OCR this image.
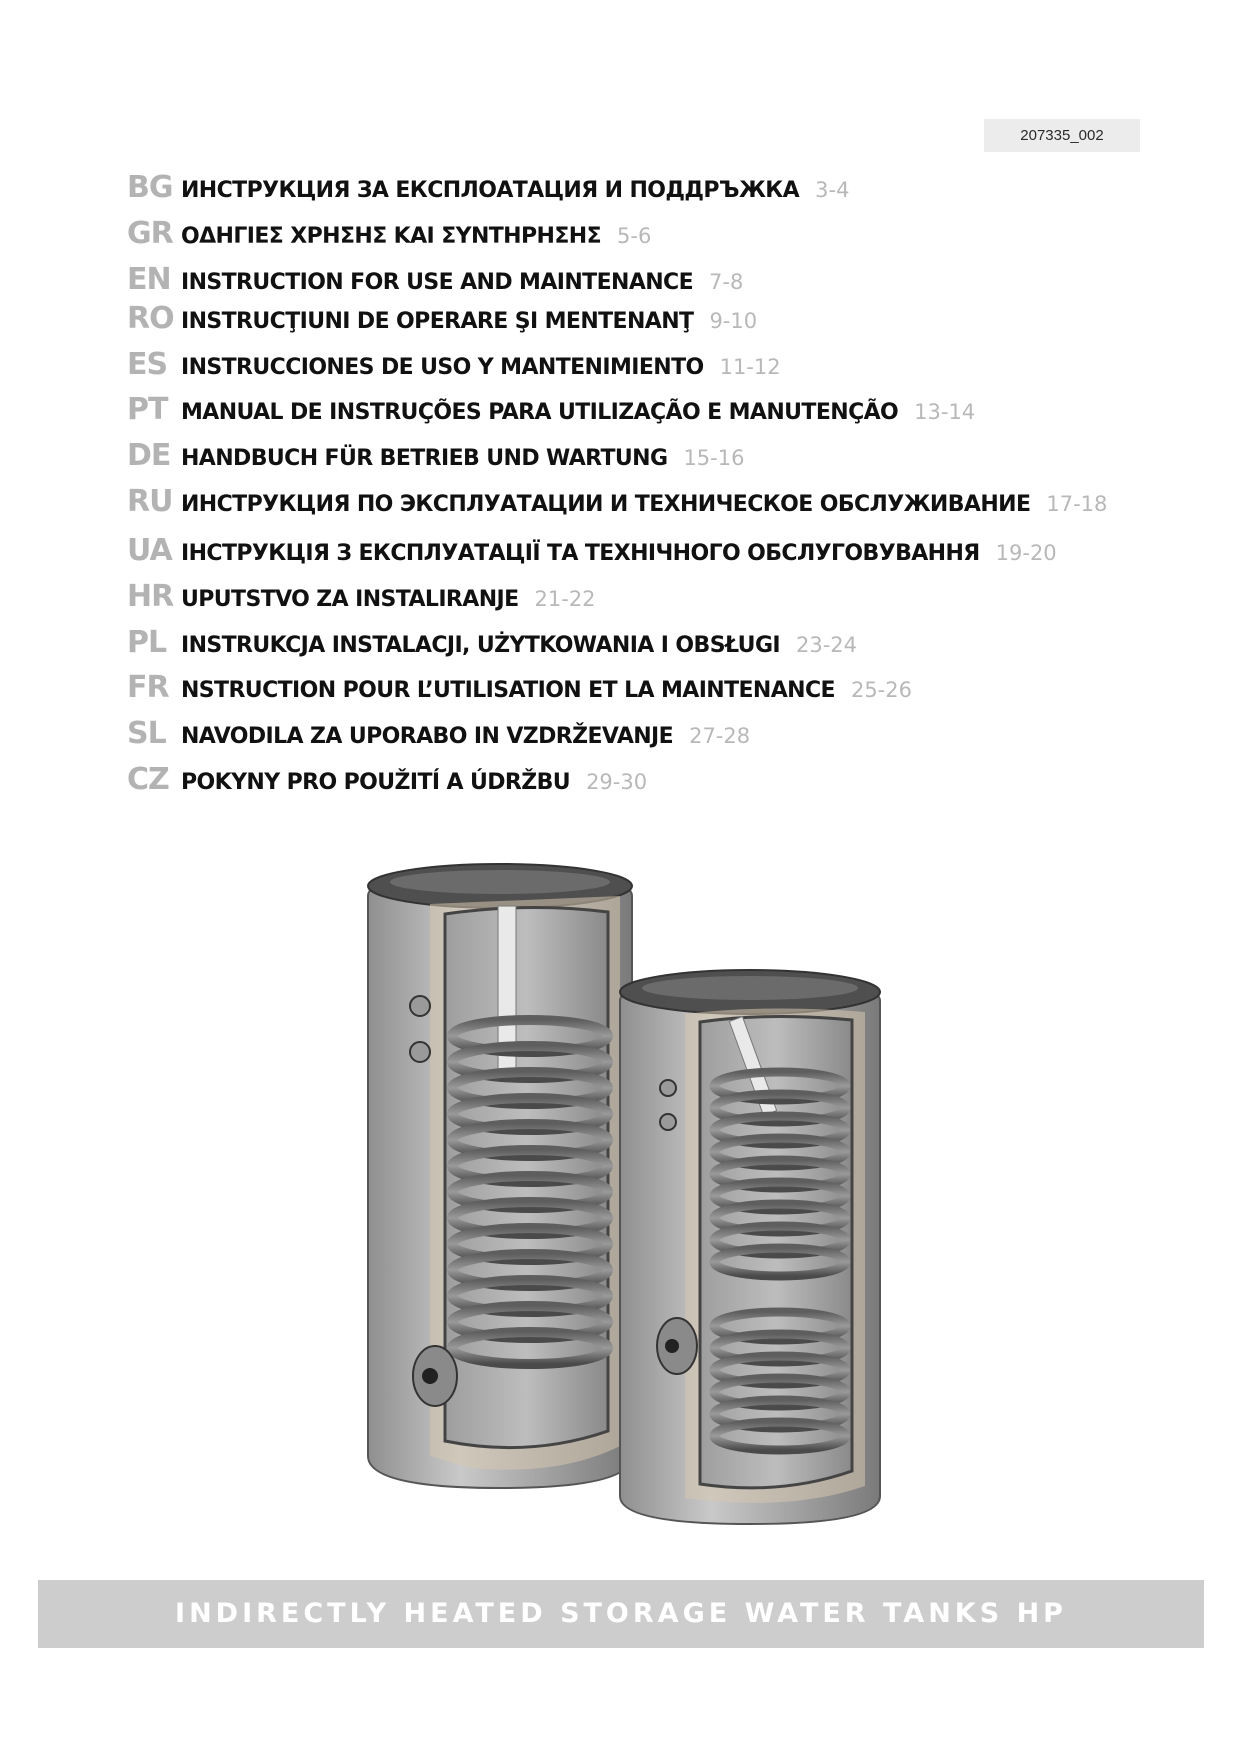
207335_002
BG ИНСТРУКЦИЯ ЗА ЕКСПЛОАТАЦИЯ И ПОДДРЪЖКА 3-4
GR ΟΔΗΓΙΕΣ ΧΡΗΣΗΣ ΚΑΙ ΣΥΝΤΗΡΗΣΗΣ 5-6
EN INSTRUCTION FOR USE AND MAINTENANCE 7-8
RO INSTRUCŢIUNI DE OPERARE ŞI MENTENANŢ 9-10
ES INSTRUCCIONES DE USO Y MANTENIMIENTO 11-12
PT MANUAL DE INSTRUÇÕES PARA UTILIZAÇÃO E MANUTENÇÃO 13-14
DE HANDBUCH FÜR BETRIEB UND WARTUNG 15-16
RU ИНСТРУКЦИЯ ПО ЭКСПЛУАТАЦИИ И ТЕХНИЧЕСКОЕ ОБСЛУЖИВАНИЕ 17-18
UA ІНСТРУКЦІЯ З ЕКСПЛУАТАЦІЇ ТА ТЕХНІЧНОГО ОБСЛУГОВУВАННЯ 19-20
HR UPUTSTVO ZA INSTALIRANJE 21-22
PL INSTRUKCJA INSTALACJI, UŻYTKOWANIA I OBSŁUGI 23-24
FR NSTRUCTION POUR L’UTILISATION ET LA MAINTENANCE 25-26
SL NAVODILA ZA UPORABO IN VZDRŽEVANJE 27-28
CZ POKYNY PRO POUŽITÍ A ÚDRŽBU 29-30
INDIRECTLY HEATED STORAGE WATER TANKS HP
